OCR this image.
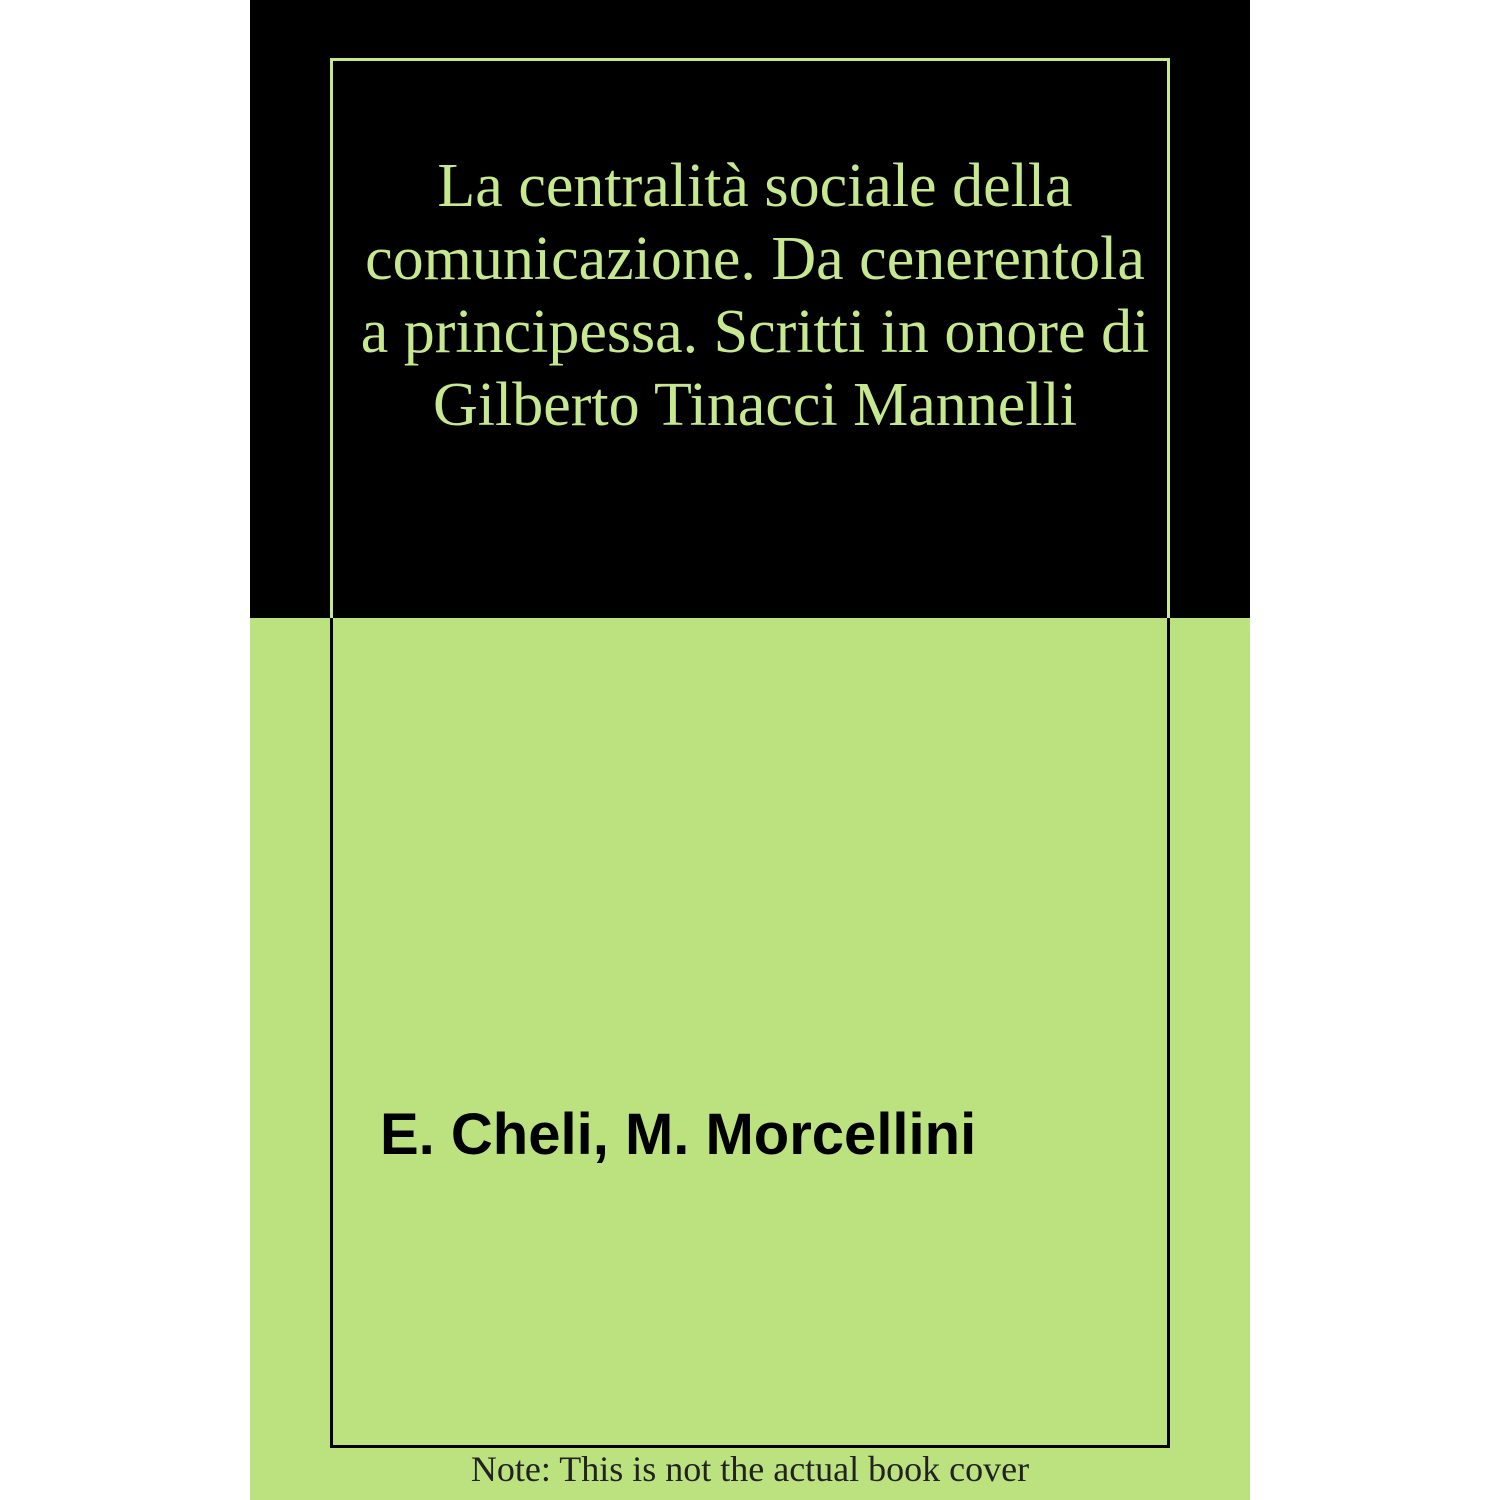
La centralità sociale della comunicazione. Da cenerentola a principessa. Scritti in onore di Gilberto Tinacci Mannelli
E. Cheli, M. Morcellini
Note: This is not the actual book cover
